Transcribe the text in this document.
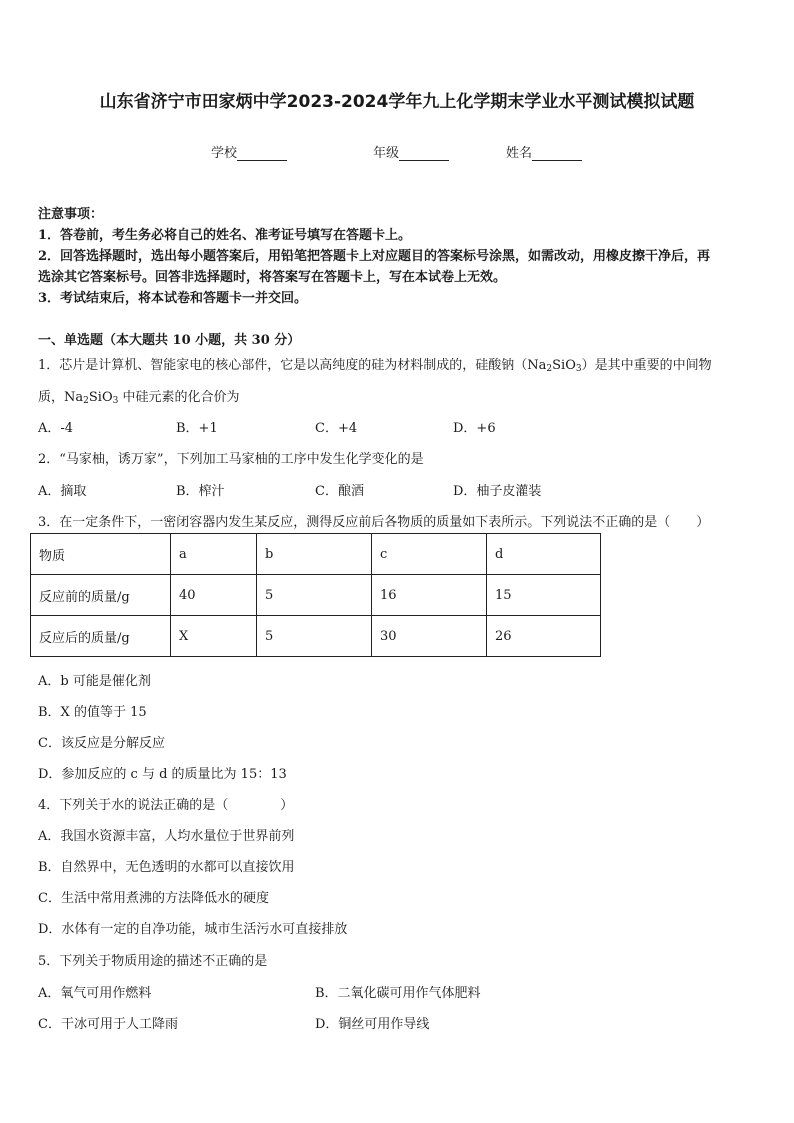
山东省济宁市田家炳中学2023-2024学年九上化学期末学业水平测试模拟试题
学校	年级	姓名
注意事项：
1．答卷前，考生务必将自己的姓名、准考证号填写在答题卡上。
2．回答选择题时，选出每小题答案后，用铅笔把答题卡上对应题目的答案标号涂黑，如需改动，用橡皮擦干净后，再
选涂其它答案标号。回答非选择题时，将答案写在答题卡上，写在本试卷上无效。
3．考试结束后，将本试卷和答题卡一并交回。
一、单选题（本大题共 10 小题，共 30 分）
1．芯片是计算机、智能家电的核心部件，它是以高纯度的硅为材料制成的，硅酸钠$(Na_2SiO_3)$是其中重要的中间物
质，$Na_2SiO_3$ 中硅元素的化合价为
A．-4	B．+1	C．+4	D．+6
2．“马家柚，诱万家”，下列加工马家柚的工序中发生化学变化的是
A．摘取	B．榨汁	C．酿酒	D．柚子皮灌装
3．在一定条件下，一密闭容器内发生某反应，测得反应前后各物质的质量如下表所示。下列说法不正确的是（　　）
物质	a	b	c	d
反应前的质量/g	40	5	16	15
反应后的质量/g	X	5	30	26
A．b 可能是催化剂
B．X 的值等于 15
C．该反应是分解反应
D．参加反应的 c 与 d 的质量比为 15：13
4．下列关于水的说法正确的是（	）
A．我国水资源丰富，人均水量位于世界前列
B．自然界中，无色透明的水都可以直接饮用
C．生活中常用煮沸的方法降低水的硬度
D．水体有一定的自净功能，城市生活污水可直接排放
5．下列关于物质用途的描述不正确的是
A．氧气可用作燃料	B．二氧化碳可用作气体肥料
C．干冰可用于人工降雨	D．铜丝可用作导线
